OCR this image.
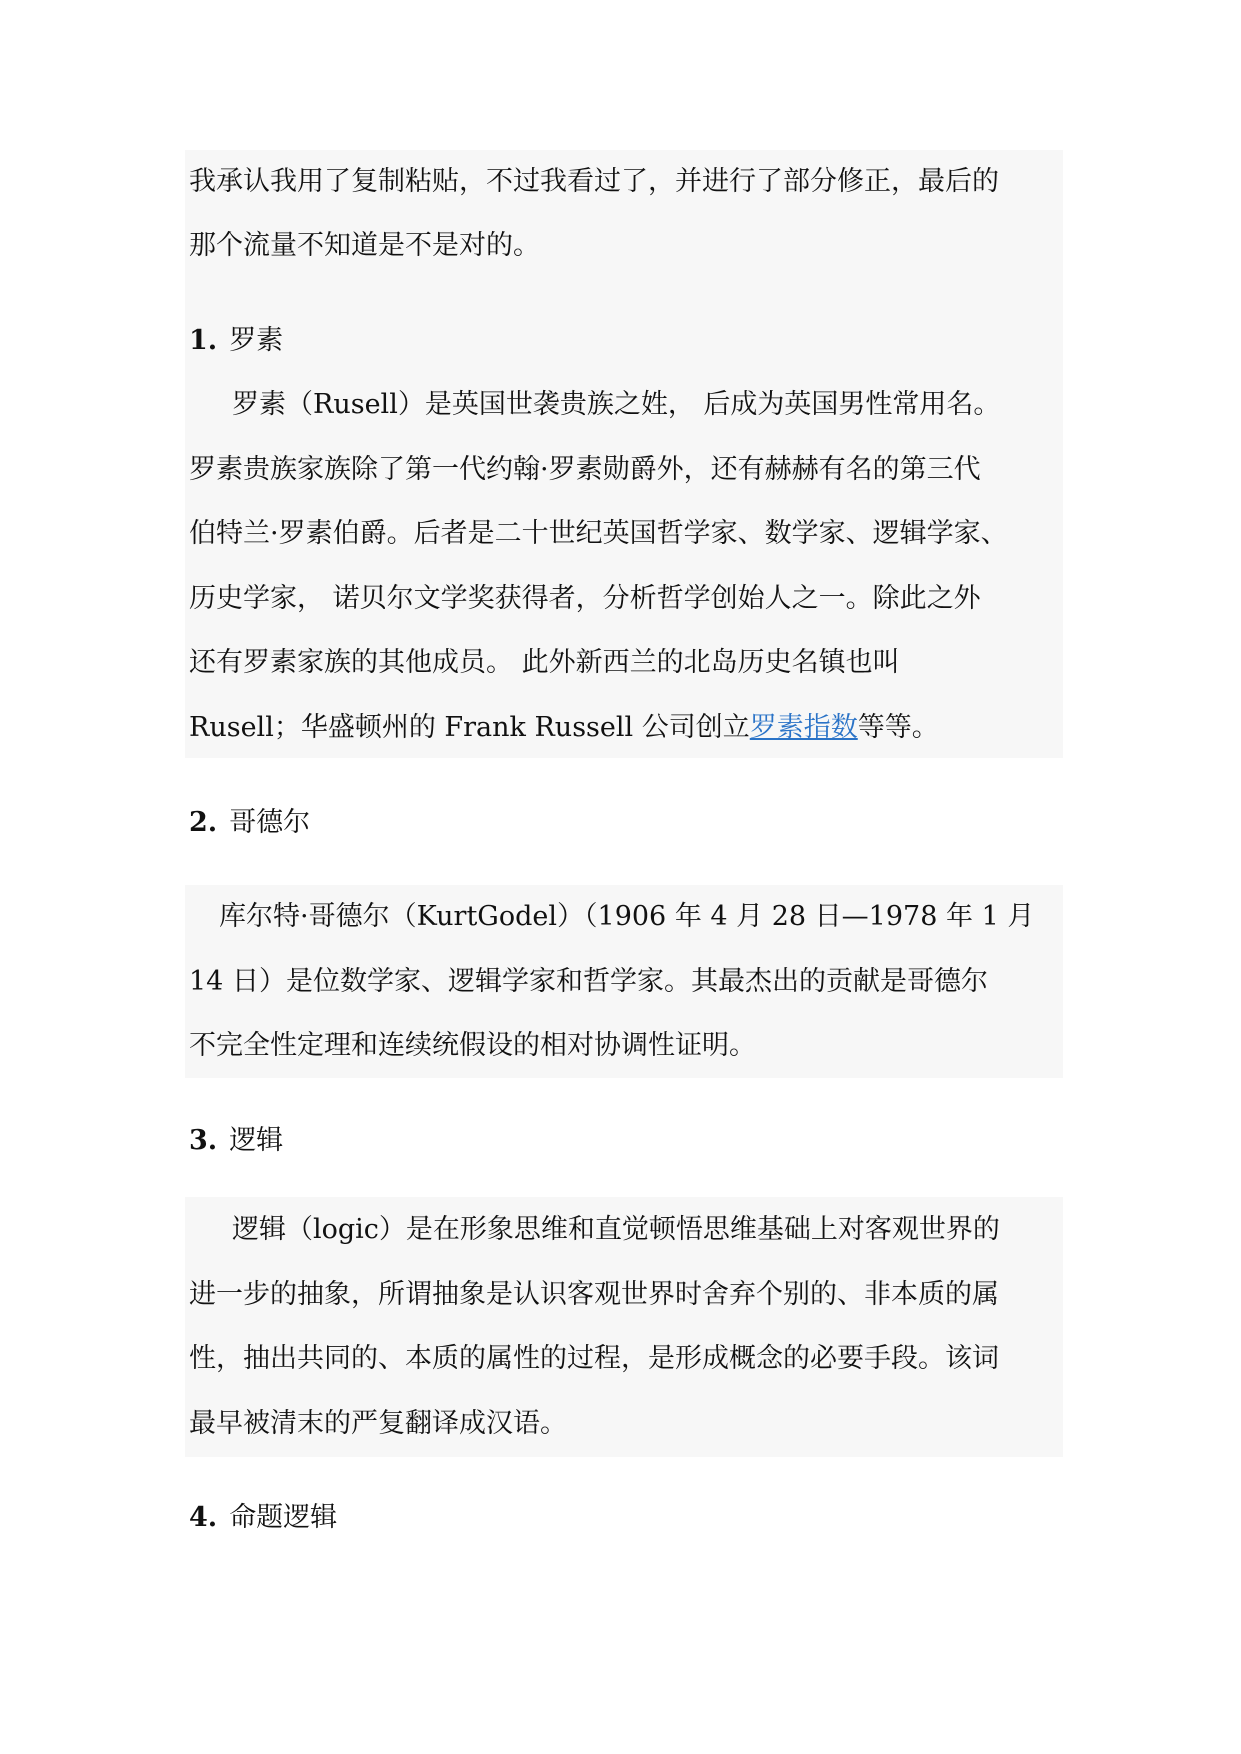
我承认我用了复制粘贴，不过我看过了，并进行了部分修正，最后的
那个流量不知道是不是对的。
1. 罗素
罗素（Rusell）是英国世袭贵族之姓， 后成为英国男性常用名。
罗素贵族家族除了第一代约翰·罗素勋爵外，还有赫赫有名的第三代
伯特兰·罗素伯爵。后者是二十世纪英国哲学家、数学家、逻辑学家、
历史学家， 诺贝尔文学奖获得者，分析哲学创始人之一。除此之外
还有罗素家族的其他成员。 此外新西兰的北岛历史名镇也叫
Rusell；华盛顿州的 Frank Russell 公司创立罗素指数等等。
2. 哥德尔
库尔特·哥德尔（KurtGodel）（1906 年 4 月 28 日—1978 年 1 月
14 日）是位数学家、逻辑学家和哲学家。其最杰出的贡献是哥德尔
不完全性定理和连续统假设的相对协调性证明。
3. 逻辑
逻辑（logic）是在形象思维和直觉顿悟思维基础上对客观世界的
进一步的抽象，所谓抽象是认识客观世界时舍弃个别的、非本质的属
性，抽出共同的、本质的属性的过程，是形成概念的必要手段。该词
最早被清末的严复翻译成汉语。
4. 命题逻辑
